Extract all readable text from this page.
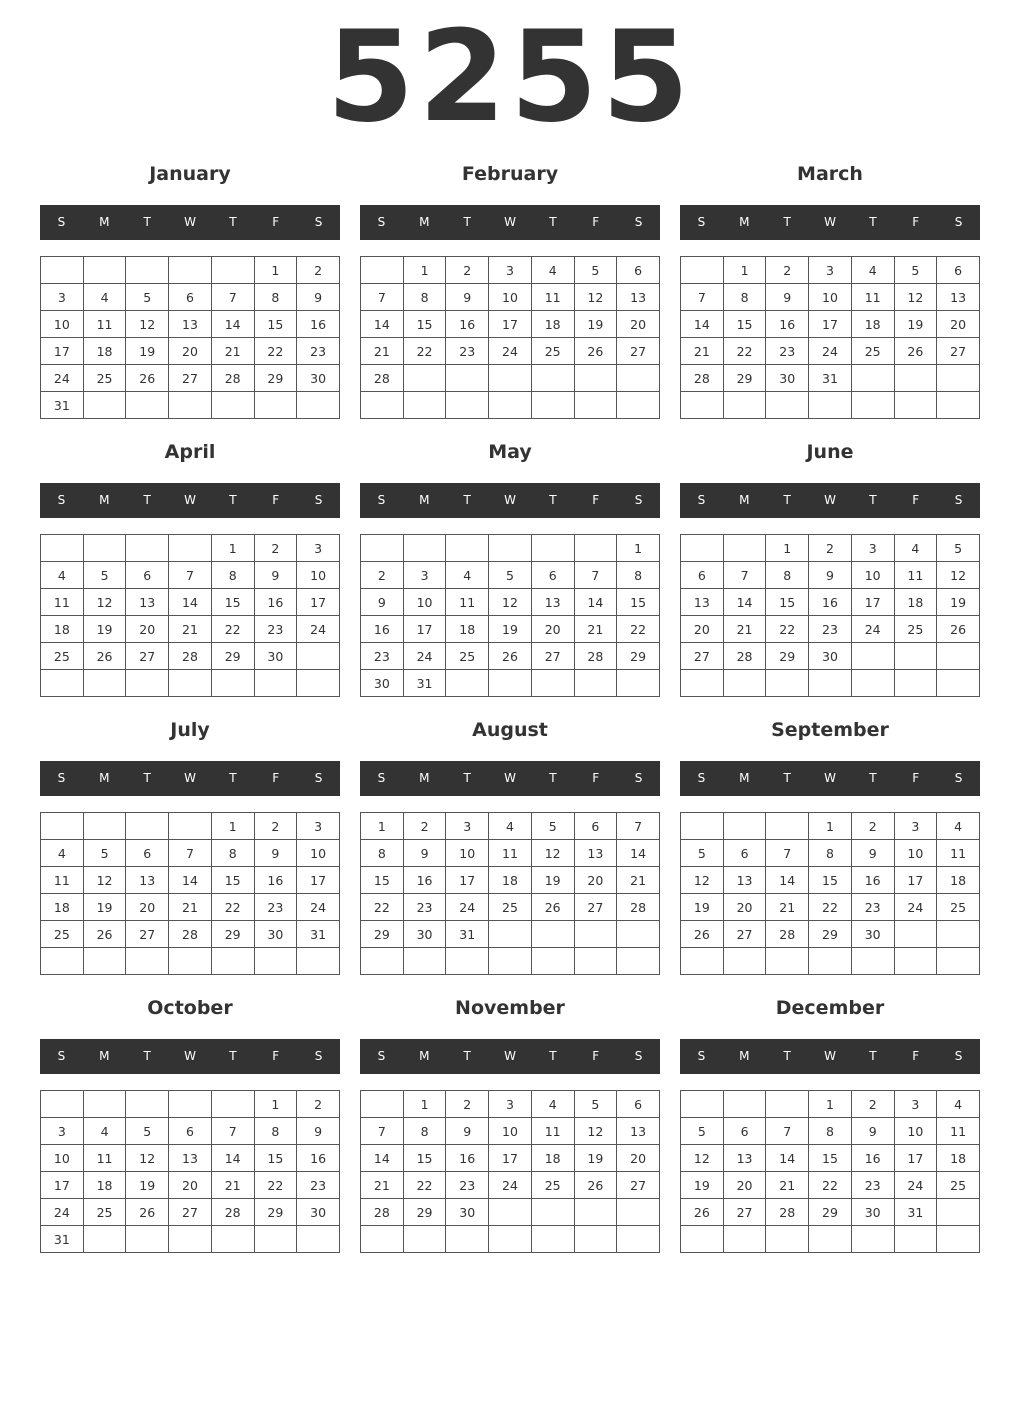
5255
January
S	M	T	W	T	F	S
					1	2
3	4	5	6	7	8	9
10	11	12	13	14	15	16
17	18	19	20	21	22	23
24	25	26	27	28	29	30
31						
February
S	M	T	W	T	F	S
	1	2	3	4	5	6
7	8	9	10	11	12	13
14	15	16	17	18	19	20
21	22	23	24	25	26	27
28						

March
S	M	T	W	T	F	S
	1	2	3	4	5	6
7	8	9	10	11	12	13
14	15	16	17	18	19	20
21	22	23	24	25	26	27
28	29	30	31			

April
S	M	T	W	T	F	S
				1	2	3
4	5	6	7	8	9	10
11	12	13	14	15	16	17
18	19	20	21	22	23	24
25	26	27	28	29	30	

May
S	M	T	W	T	F	S
						1
2	3	4	5	6	7	8
9	10	11	12	13	14	15
16	17	18	19	20	21	22
23	24	25	26	27	28	29
30	31					
June
S	M	T	W	T	F	S
		1	2	3	4	5
6	7	8	9	10	11	12
13	14	15	16	17	18	19
20	21	22	23	24	25	26
27	28	29	30			

July
S	M	T	W	T	F	S
				1	2	3
4	5	6	7	8	9	10
11	12	13	14	15	16	17
18	19	20	21	22	23	24
25	26	27	28	29	30	31

August
S	M	T	W	T	F	S
1	2	3	4	5	6	7
8	9	10	11	12	13	14
15	16	17	18	19	20	21
22	23	24	25	26	27	28
29	30	31				

September
S	M	T	W	T	F	S
			1	2	3	4
5	6	7	8	9	10	11
12	13	14	15	16	17	18
19	20	21	22	23	24	25
26	27	28	29	30		

October
S	M	T	W	T	F	S
					1	2
3	4	5	6	7	8	9
10	11	12	13	14	15	16
17	18	19	20	21	22	23
24	25	26	27	28	29	30
31						
November
S	M	T	W	T	F	S
	1	2	3	4	5	6
7	8	9	10	11	12	13
14	15	16	17	18	19	20
21	22	23	24	25	26	27
28	29	30				

December
S	M	T	W	T	F	S
			1	2	3	4
5	6	7	8	9	10	11
12	13	14	15	16	17	18
19	20	21	22	23	24	25
26	27	28	29	30	31	
